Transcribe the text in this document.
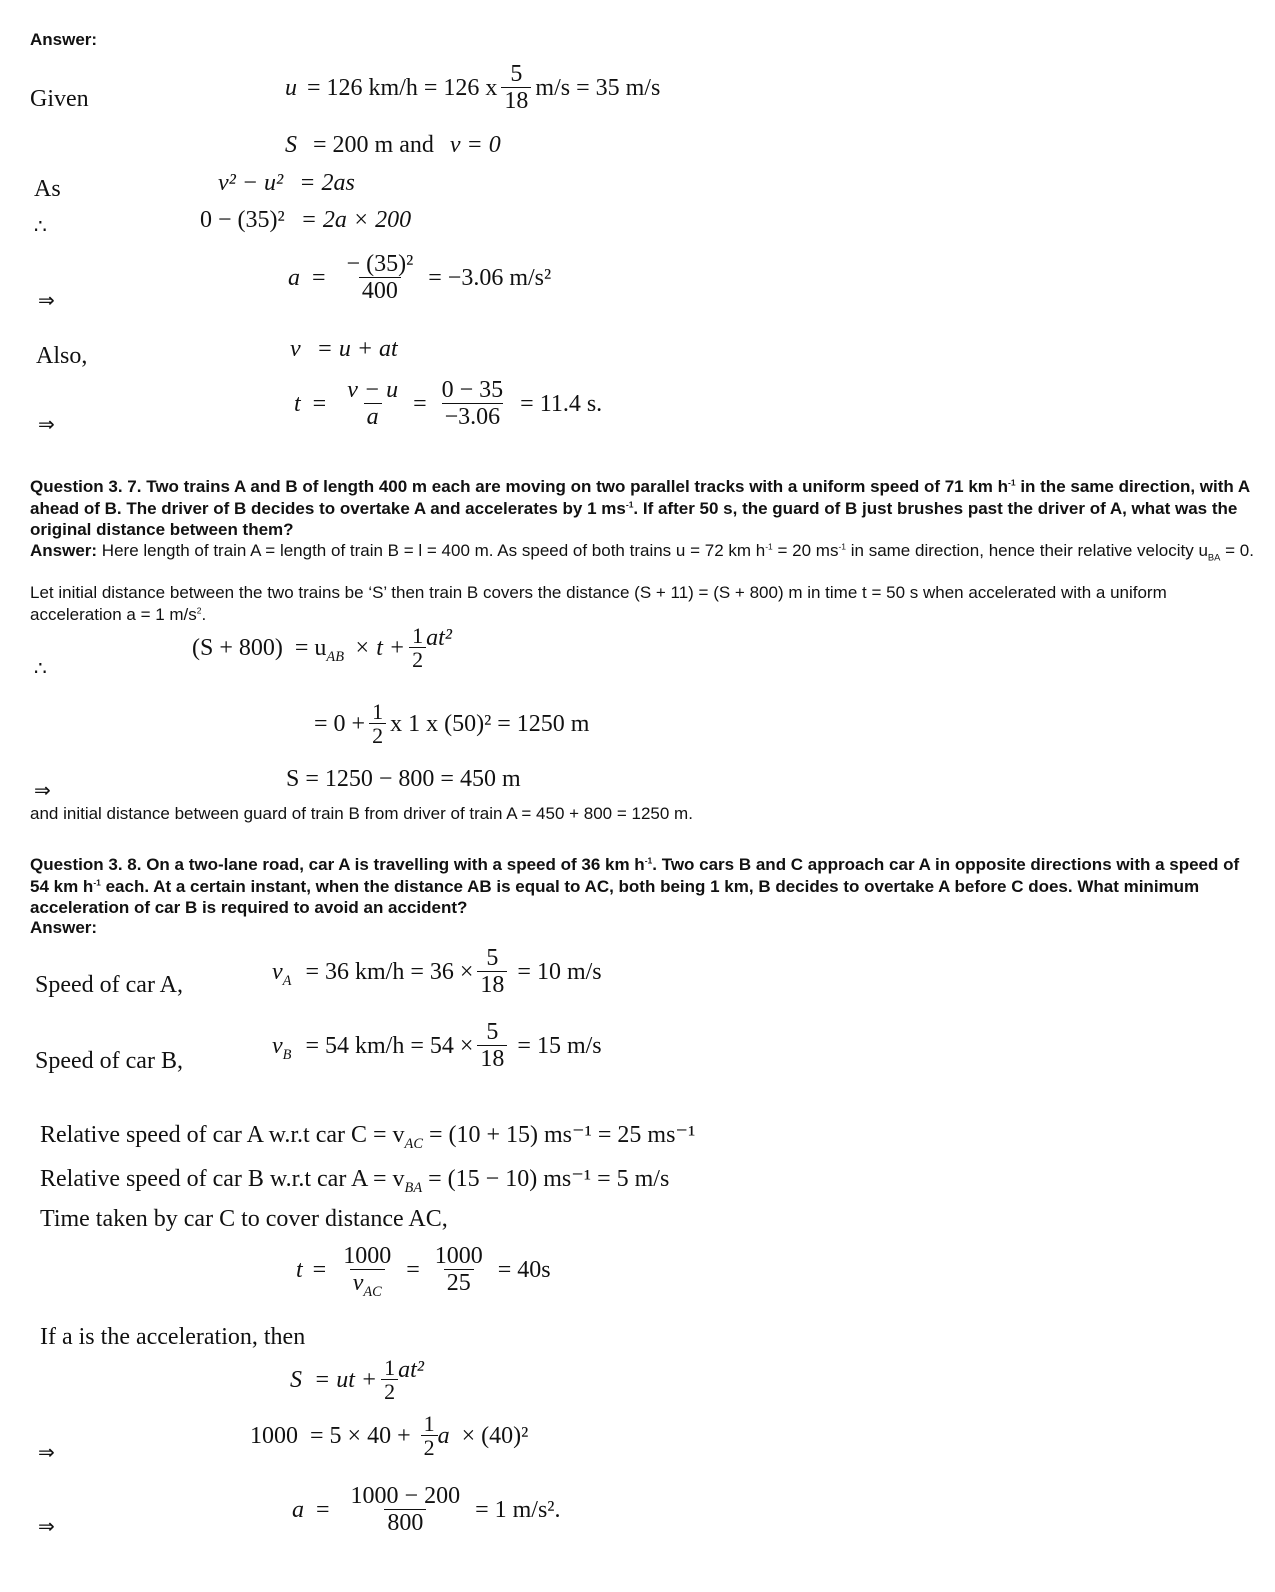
Answer:
Given	u = 126 km/h = 126 x $\frac{5}{18} m/s = 35$ m/s
S = 200 m and v = 0
As	v² − u² = 2as
∴	0 − (35)² = 2a × 200
⇒
$a = \frac{\text{− (35)²}}{400} = -3.06$ m/s²
Also,	v = u + at
⇒
$t = \frac{v - u}{a} = \frac{0 - 35}{-3.06} = 11.4$ s.
Question 3. 7. Two trains A and B of length 400 m each are moving on two parallel tracks with a uniform speed of 71 km $h^{-1}$ in the same direction, with A ahead of B. The driver of B decides to overtake A and accelerates by 1 $ms^{-1}$. If after 50 s, the guard of B just brushes past the driver of A, what was the original distance between them?
Answer: Here length of train A = length of train B = l = 400 m. As speed of both trains u = 72 km $h^{-1} = 20$ $ms^{-1}$ in same direction, hence their relative velocity $u_{BA} = 0$.
Let initial distance between the two trains be ‘S’ then train B covers the distance (S + 11) = (S + 800) m in time t = 50 s when accelerated with a uniform acceleration a = 1 $m/s^2$.
∴
$(S + 800) = u_{AB} \times t + \frac{1}{2} at^2$
= $0 + \frac{1}{2}$ x 1 x (50)² = 1250 m
⇒	S = 1250 − 800 = 450 m
and initial distance between guard of train B from driver of train A = 450 + 800 = 1250 m.
Question 3. 8. On a two-lane road, car A is travelling with a speed of 36 km $h^{-1}$. Two cars B and C approach car A in opposite directions with a speed of 54 km $h^{-1}$ each. At a certain instant, when the distance AB is equal to AC, both being 1 km, B decides to overtake A before C does. What minimum acceleration of car B is required to avoid an accident?
Answer:
Speed of car A,
$v_A = 36$ $km/h = 36 \times \frac{5}{18} = 10$ m/s
Speed of car B,
$v_B = 54$ $km/h = 54 \times \frac{5}{18} = 15$ m/s
Relative speed of car A w.r.t car $C = v_{AC} = (10 + 15) ms^{-1} = 25$ ms⁻¹
Relative speed of car B w.r.t car $A = v_{BA} = (15 - 10) ms^{-1} = 5$ m/s
Time taken by car C to cover distance AC,
$t = \frac{1000}{v_{AC}} = \frac{1000}{25} = 40s$
If a is the acceleration, then
S = ut + $\frac{1}{2} at^2$
⇒
$1000 = 5 \times 40 + \frac{1}{2}$ a × (40)²
⇒
$a = \frac{1000 - 200}{800} = 1$ m/s².
